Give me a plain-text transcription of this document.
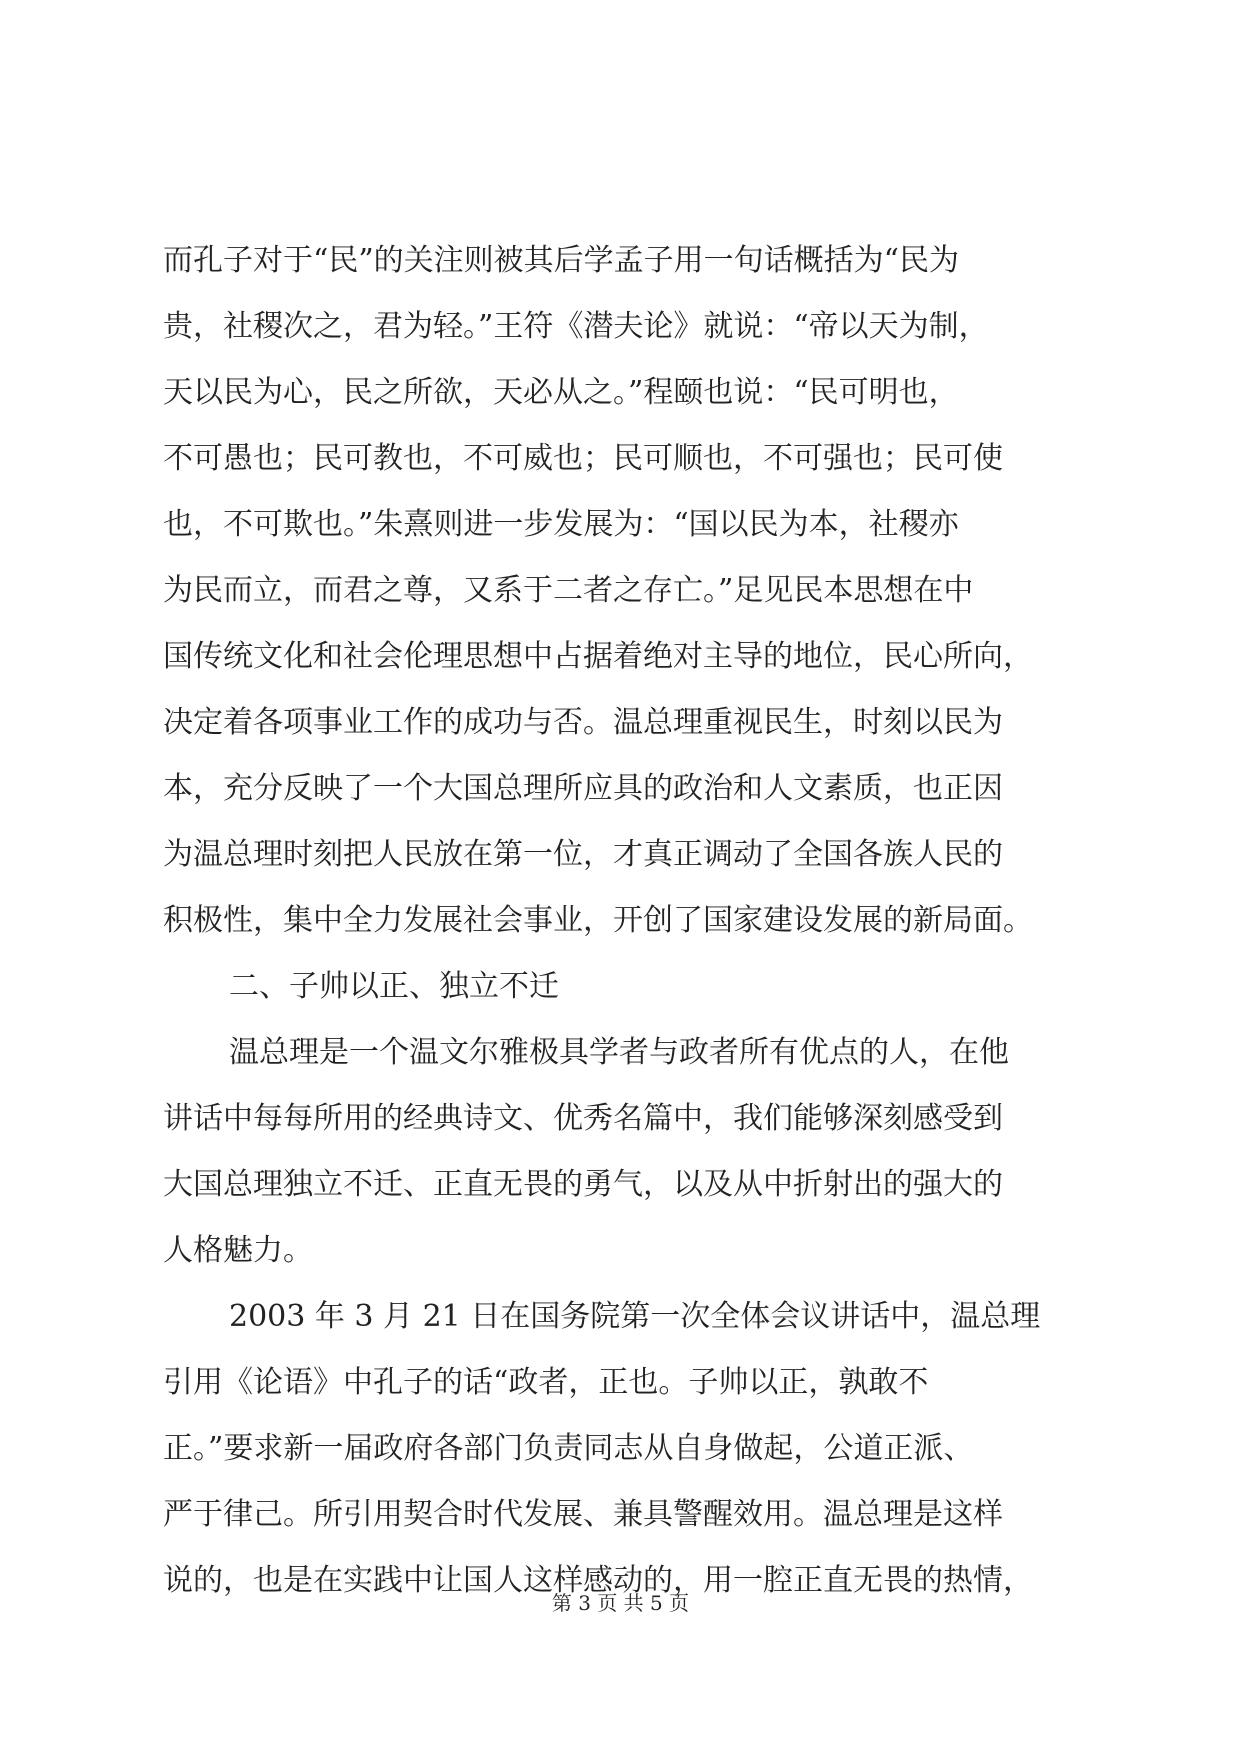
而孔子对于“民”的关注则被其后学孟子用一句话概括为“民为
贵，社稷次之，君为轻。”王符《潜夫论》就说：“帝以天为制，
天以民为心，民之所欲，天必从之。”程颐也说：“民可明也，
不可愚也；民可教也，不可威也；民可顺也，不可强也；民可使
也，不可欺也。”朱熹则进一步发展为：“国以民为本，社稷亦
为民而立，而君之尊，又系于二者之存亡。”足见民本思想在中
国传统文化和社会伦理思想中占据着绝对主导的地位，民心所向，
决定着各项事业工作的成功与否。温总理重视民生，时刻以民为
本，充分反映了一个大国总理所应具的政治和人文素质，也正因
为温总理时刻把人民放在第一位，才真正调动了全国各族人民的
积极性，集中全力发展社会事业，开创了国家建设发展的新局面。
二、子帅以正、独立不迁
温总理是一个温文尔雅极具学者与政者所有优点的人，在他
讲话中每每所用的经典诗文、优秀名篇中，我们能够深刻感受到
大国总理独立不迁、正直无畏的勇气，以及从中折射出的强大的
人格魅力。
2003 年 3 月 21 日在国务院第一次全体会议讲话中，温总理
引用《论语》中孔子的话“政者，正也。子帅以正，孰敢不
正。”要求新一届政府各部门负责同志从自身做起，公道正派、
严于律己。所引用契合时代发展、兼具警醒效用。温总理是这样
说的，也是在实践中让国人这样感动的，用一腔正直无畏的热情，
第 3 页 共 5 页
